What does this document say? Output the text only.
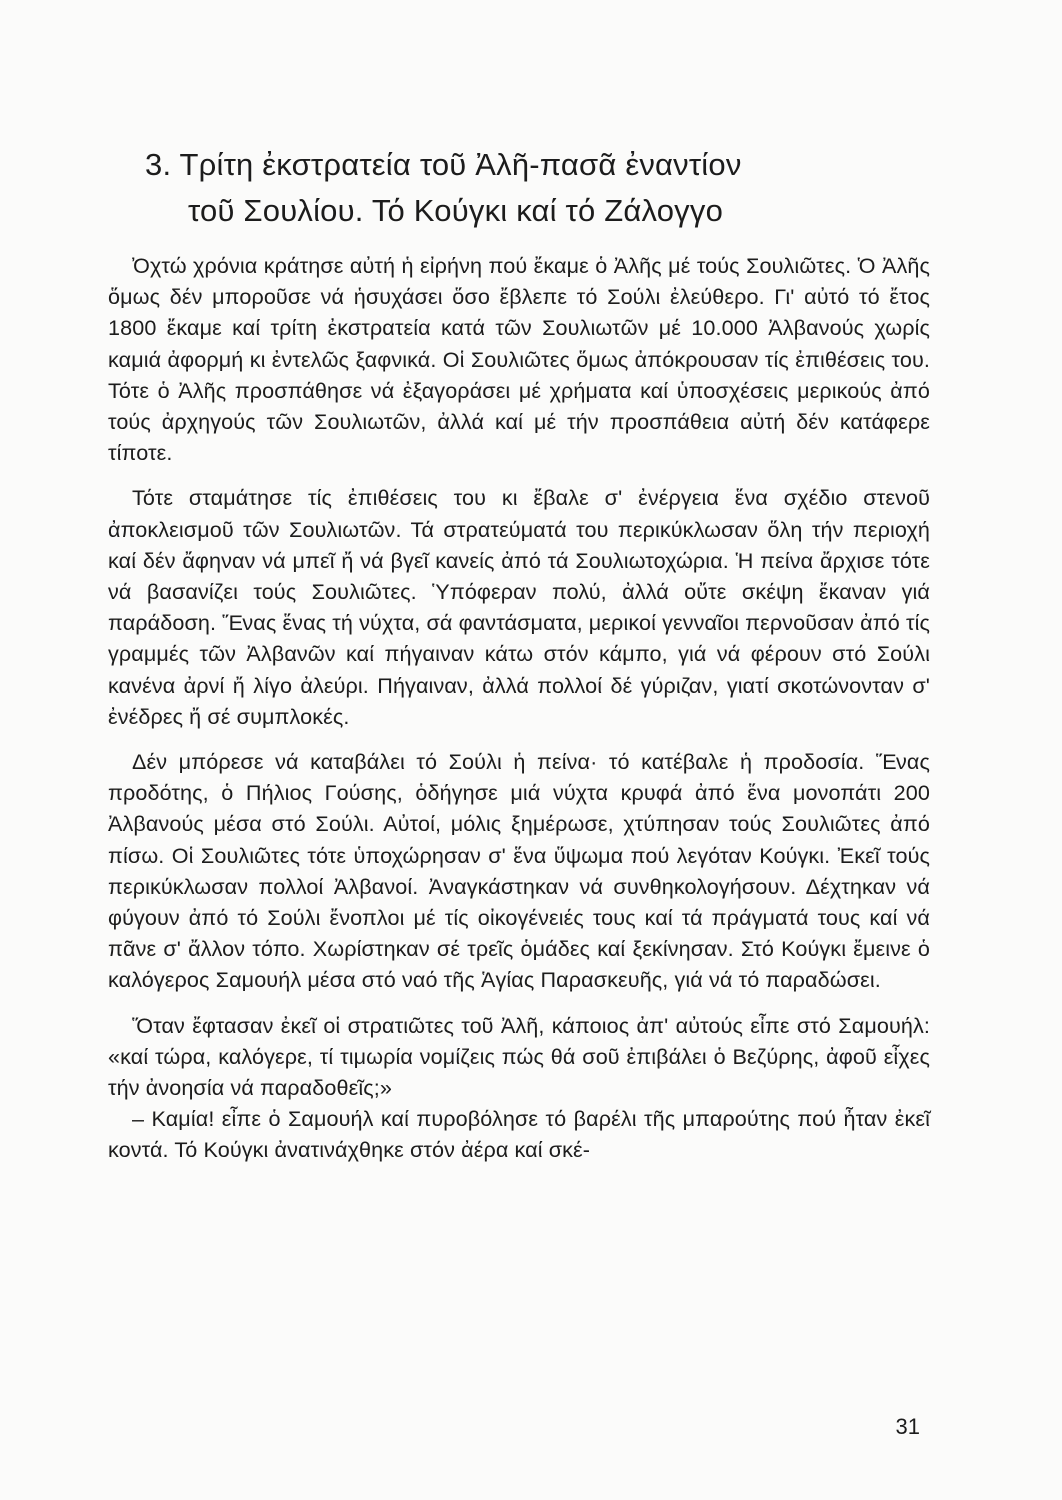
3. Τρίτη ἐκστρατεία τοῦ Ἀλῆ-πασᾶ ἐναντίον
τοῦ Σουλίου. Τό Κούγκι καί τό Ζάλογγο

Ὀχτώ χρόνια κράτησε αὐτή ἡ εἰρήνη πού ἔκαμε ὁ Ἀλῆς μέ τούς Σουλιῶτες. Ὁ Ἀλῆς ὅμως δέν μποροῦσε νά ἡσυχάσει ὅσο ἔβλεπε τό Σούλι ἐλεύθερο. Γι' αὐτό τό ἔτος 1800 ἔκαμε καί τρίτη ἐκστρατεία κατά τῶν Σουλιωτῶν μέ 10.000 Ἀλβανούς χωρίς καμιά ἀφορμή κι ἐντελῶς ξαφνικά. Οἱ Σουλιῶτες ὅμως ἀπόκρουσαν τίς ἐπιθέσεις του. Τότε ὁ Ἀλῆς προσπάθησε νά ἐξαγοράσει μέ χρήματα καί ὑποσχέσεις μερικούς ἀπό τούς ἀρχηγούς τῶν Σουλιωτῶν, ἀλλά καί μέ τήν προσπάθεια αὐτή δέν κατάφερε τίποτε.

Τότε σταμάτησε τίς ἐπιθέσεις του κι ἔβαλε σ' ἐνέργεια ἕνα σχέδιο στενοῦ ἀποκλεισμοῦ τῶν Σουλιωτῶν. Τά στρατεύματά του περικύκλωσαν ὅλη τήν περιοχή καί δέν ἄφηναν νά μπεῖ ἤ νά βγεῖ κανείς ἀπό τά Σουλιωτοχώρια. Ἡ πείνα ἄρχισε τότε νά βασανίζει τούς Σουλιῶτες. Ὑπόφεραν πολύ, ἀλλά οὔτε σκέψη ἔκαναν γιά παράδοση. Ἕνας ἕνας τή νύχτα, σά φαντάσματα, μερικοί γενναῖοι περνοῦσαν ἀπό τίς γραμμές τῶν Ἀλβανῶν καί πήγαιναν κάτω στόν κάμπο, γιά νά φέρουν στό Σούλι κανένα ἀρνί ἤ λίγο ἀλεύρι. Πήγαιναν, ἀλλά πολλοί δέ γύριζαν, γιατί σκοτώνονταν σ' ἐνέδρες ἤ σέ συμπλοκές.

Δέν μπόρεσε νά καταβάλει τό Σούλι ἡ πείνα· τό κατέβαλε ἡ προδοσία. Ἕνας προδότης, ὁ Πήλιος Γούσης, ὁδήγησε μιά νύχτα κρυφά ἀπό ἕνα μονοπάτι 200 Ἀλβανούς μέσα στό Σούλι. Αὐτοί, μόλις ξημέρωσε, χτύπησαν τούς Σουλιῶτες ἀπό πίσω. Οἱ Σουλιῶτες τότε ὑποχώρησαν σ' ἕνα ὕψωμα πού λεγόταν Κούγκι. Ἐκεῖ τούς περικύκλωσαν πολλοί Ἀλβανοί. Ἀναγκάστηκαν νά συνθηκολογήσουν. Δέχτηκαν νά φύγουν ἀπό τό Σούλι ἔνοπλοι μέ τίς οἰκογένειές τους καί τά πράγματά τους καί νά πᾶνε σ' ἄλλον τόπο. Χωρίστηκαν σέ τρεῖς ὁμάδες καί ξεκίνησαν. Στό Κούγκι ἔμεινε ὁ καλόγερος Σαμουήλ μέσα στό ναό τῆς Ἁγίας Παρασκευῆς, γιά νά τό παραδώσει.

Ὅταν ἔφτασαν ἐκεῖ οἱ στρατιῶτες τοῦ Ἀλῆ, κάποιος ἀπ' αὐτούς εἶπε στό Σαμουήλ: «καί τώρα, καλόγερε, τί τιμωρία νομίζεις πώς θά σοῦ ἐπιβάλει ὁ Βεζύρης, ἀφοῦ εἶχες τήν ἀνοησία νά παραδοθεῖς;»

– Καμία! εἶπε ὁ Σαμουήλ καί πυροβόλησε τό βαρέλι τῆς μπαρούτης πού ἦταν ἐκεῖ κοντά. Τό Κούγκι ἀνατινάχθηκε στόν ἀέρα καί σκέ-

31
